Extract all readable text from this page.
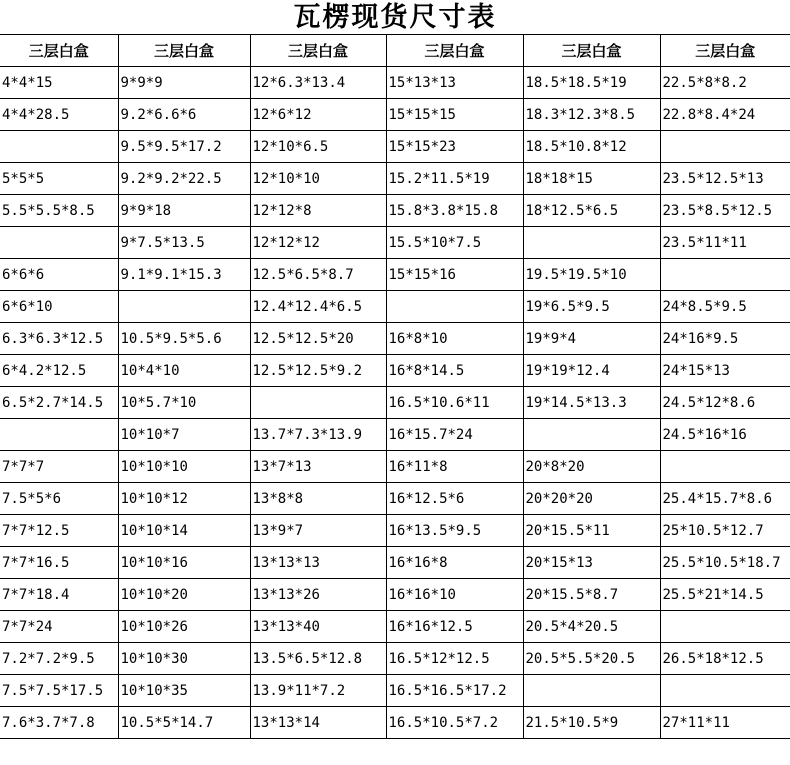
瓦楞现货尺寸表
三层白盒	三层白盒	三层白盒	三层白盒	三层白盒	三层白盒
4*4*15	9*9*9	12*6.3*13.4	15*13*13	18.5*18.5*19	22.5*8*8.2
4*4*28.5	9.2*6.6*6	12*6*12	15*15*15	18.3*12.3*8.5	22.8*8.4*24
	9.5*9.5*17.2	12*10*6.5	15*15*23	18.5*10.8*12	
5*5*5	9.2*9.2*22.5	12*10*10	15.2*11.5*19	18*18*15	23.5*12.5*13
5.5*5.5*8.5	9*9*18	12*12*8	15.8*3.8*15.8	18*12.5*6.5	23.5*8.5*12.5
	9*7.5*13.5	12*12*12	15.5*10*7.5		23.5*11*11
6*6*6	9.1*9.1*15.3	12.5*6.5*8.7	15*15*16	19.5*19.5*10	
6*6*10		12.4*12.4*6.5		19*6.5*9.5	24*8.5*9.5
6.3*6.3*12.5	10.5*9.5*5.6	12.5*12.5*20	16*8*10	19*9*4	24*16*9.5
6*4.2*12.5	10*4*10	12.5*12.5*9.2	16*8*14.5	19*19*12.4	24*15*13
6.5*2.7*14.5	10*5.7*10		16.5*10.6*11	19*14.5*13.3	24.5*12*8.6
	10*10*7	13.7*7.3*13.9	16*15.7*24		24.5*16*16
7*7*7	10*10*10	13*7*13	16*11*8	20*8*20	
7.5*5*6	10*10*12	13*8*8	16*12.5*6	20*20*20	25.4*15.7*8.6
7*7*12.5	10*10*14	13*9*7	16*13.5*9.5	20*15.5*11	25*10.5*12.7
7*7*16.5	10*10*16	13*13*13	16*16*8	20*15*13	25.5*10.5*18.7
7*7*18.4	10*10*20	13*13*26	16*16*10	20*15.5*8.7	25.5*21*14.5
7*7*24	10*10*26	13*13*40	16*16*12.5	20.5*4*20.5	
7.2*7.2*9.5	10*10*30	13.5*6.5*12.8	16.5*12*12.5	20.5*5.5*20.5	26.5*18*12.5
7.5*7.5*17.5	10*10*35	13.9*11*7.2	16.5*16.5*17.2		
7.6*3.7*7.8	10.5*5*14.7	13*13*14	16.5*10.5*7.2	21.5*10.5*9	27*11*11
